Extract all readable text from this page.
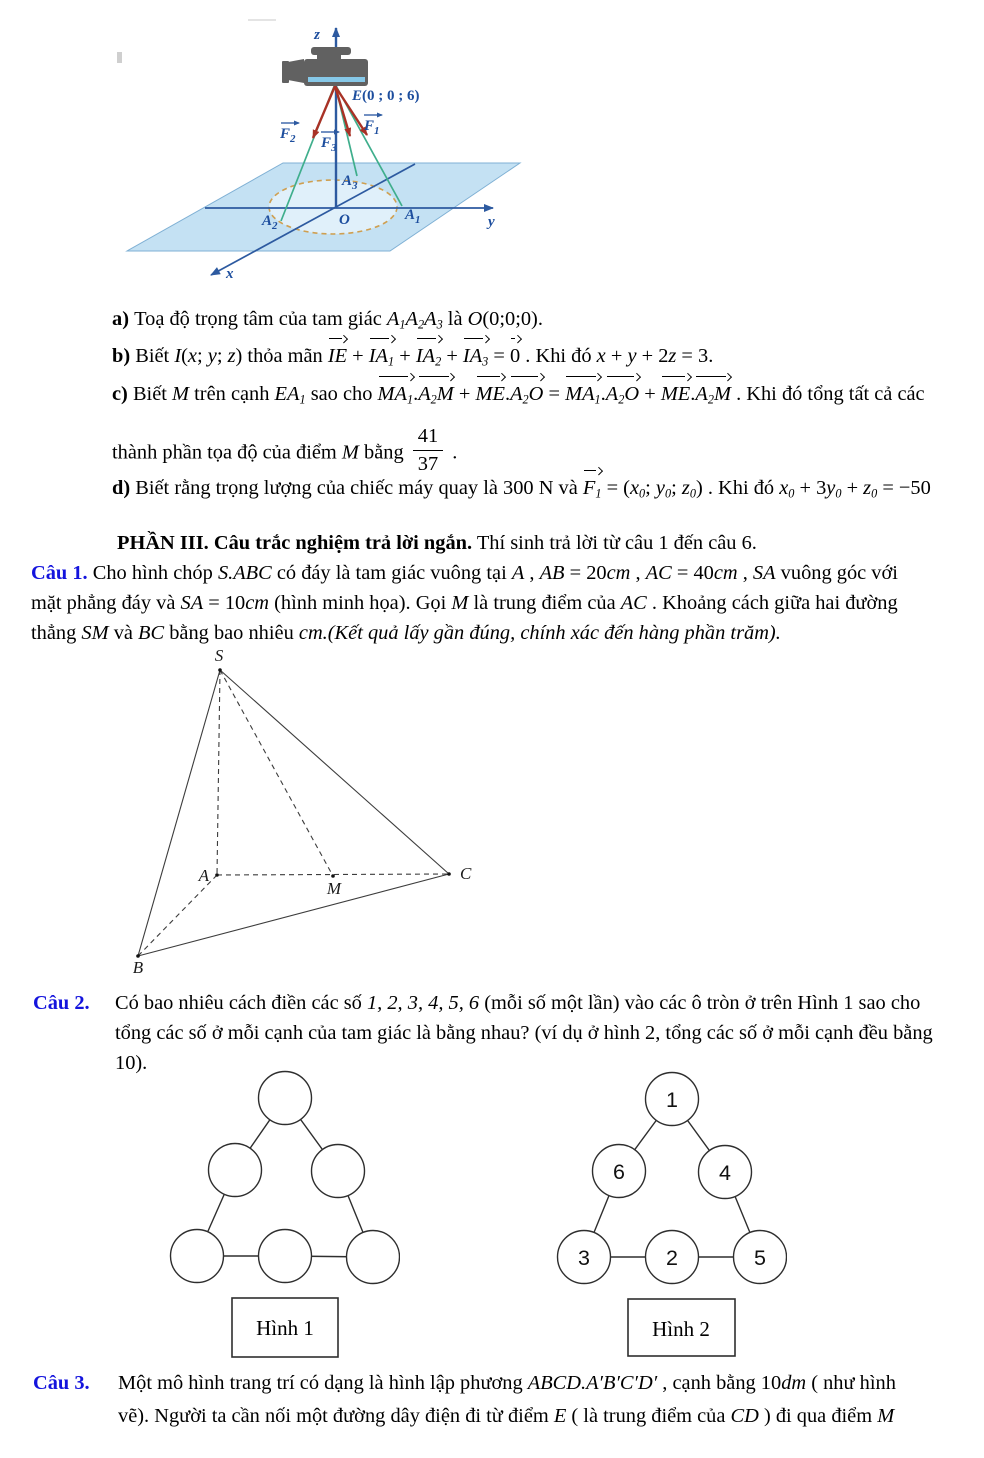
z
y
x
O
E(0 ; 0 ; 6)
$F_1$
$F_2$ $F_3$
$A_1$
$A_2$
$A_3$
a) Toạ độ trọng tâm của tam giác $A_1A_2A_3$ là O(0;0;0).
b) Biết I(x; y; z) thỏa mãn IE + $IA_1 + IA_2 + IA_3 = 0$ . Khi đó x + y + 2z = 3.
c) Biết M trên cạnh $EA_1$ sao cho $MA_1.A_2M + ME.A_2O = MA_1.A_2O + ME.A_2M$ . Khi đó tổng tất cả các
thành phần tọa độ của điểm M bằng $\frac{41}{37}$ .
d) Biết rằng trọng lượng của chiếc máy quay là 300 N và $F_1 = (x_0$; $y_0$; $z_0$) . Khi đó $x_0 + 3y_0 + z_0 = -50$
PHẦN III. Câu trắc nghiệm trả lời ngắn. Thí sinh trả lời từ câu 1 đến câu 6.
Câu 1. Cho hình chóp S.ABC có đáy là tam giác vuông tại A , AB = 20cm , AC = 40cm , SA vuông góc với
mặt phẳng đáy và SA = 10cm (hình minh họa). Gọi M là trung điểm của AC . Khoảng cách giữa hai đường
thẳng SM và BC bằng bao nhiêu cm.(Kết quả lấy gần đúng, chính xác đến hàng phần trăm).
S
A
M
C
B
Câu 2. Có bao nhiêu cách điền các số 1, 2, 3, 4, 5, 6 (mỗi số một lần) vào các ô tròn ở trên Hình 1 sao cho
tổng các số ở mỗi cạnh của tam giác là bằng nhau? (ví dụ ở hình 2, tổng các số ở mỗi cạnh đều bằng
10).
Hình 1
1
6	4
3	2	5
Hình 2
Câu 3. Một mô hình trang trí có dạng là hình lập phương ABCD.A′B′C′D′ , cạnh bằng 10dm ( như hình
vẽ). Người ta cần nối một đường dây điện đi từ điểm E ( là trung điểm của CD ) đi qua điểm M
